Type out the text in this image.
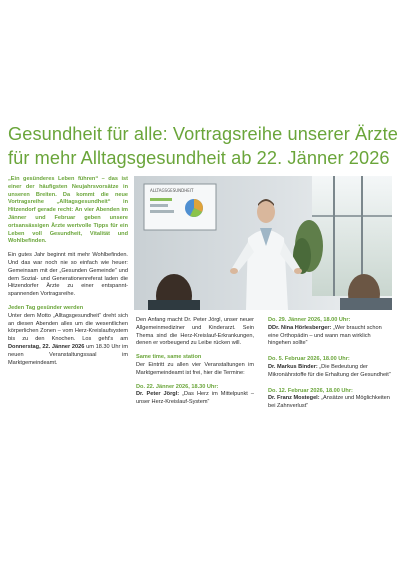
Gesundheit für alle: Vortragsreihe unserer Ärzte
für mehr Alltagsgesundheit ab 22. Jänner 2026

„Ein gesünderes Leben führen“ – das ist einer der häufigsten Neujahrsvorsätze in unseren Breiten. Da kommt die neue Vortragsreihe „Alltagsgesundheit“ in Hitzendorf gerade recht: An vier Abenden im Jänner und Februar geben unsere ortsansässigen Ärzte wertvolle Tipps für ein Leben voll Gesundheit, Vitalität und Wohlbefinden.

Ein gutes Jahr beginnt mit mehr Wohlbefinden. Und das war noch nie so einfach wie heuer: Gemeinsam mit der „Gesunden Gemeinde“ und dem Sozial- und Generationenreferat laden die Hitzendorfer Ärzte zu einer entspannt-spannenden Vortragsreihe.

Jeden Tag gesünder werden
Unter dem Motto „Alltagsgesundheit“ dreht sich an diesen Abenden alles um die wesentlichen körperlichen Zonen – vom Herz-Kreislaufsystem bis zu den Knochen. Los geht's am Donnerstag, 22. Jänner 2026 um 18.30 Uhr im neuen Veranstaltungssaal im Marktgemeindeamt.

ALLTAGSGESUNDHEIT

Den Anfang macht Dr. Peter Jörgl, unser neuer Allgemeinmediziner und Kinderarzt. Sein Thema sind die Herz-Kreislauf-Erkrankungen, denen er vorbeugend zu Leibe rücken will.

Same time, same station
Der Eintritt zu allen vier Veranstaltungen im Marktgemeindeamt ist frei, hier die Termine:

Do. 22. Jänner 2026, 18.30 Uhr:
Dr. Peter Jörgl: „Das Herz im Mittelpunkt – unser Herz-Kreislauf-System“

Do. 29. Jänner 2026, 18.00 Uhr:
DDr. Nina Hörlesberger: „Wer braucht schon eine Orthopädin – und wann man wirklich hingehen sollte“
Do. 5. Februar 2026, 18.00 Uhr:
Dr. Markus Binder: „Die Bedeutung der Mikronährstoffe für die Erhaltung der Gesundheit“
Do. 12. Februar 2026, 18.00 Uhr:
Dr. Franz Mostegel: „Ansätze und Möglichkeiten bei Zahnverlust“
